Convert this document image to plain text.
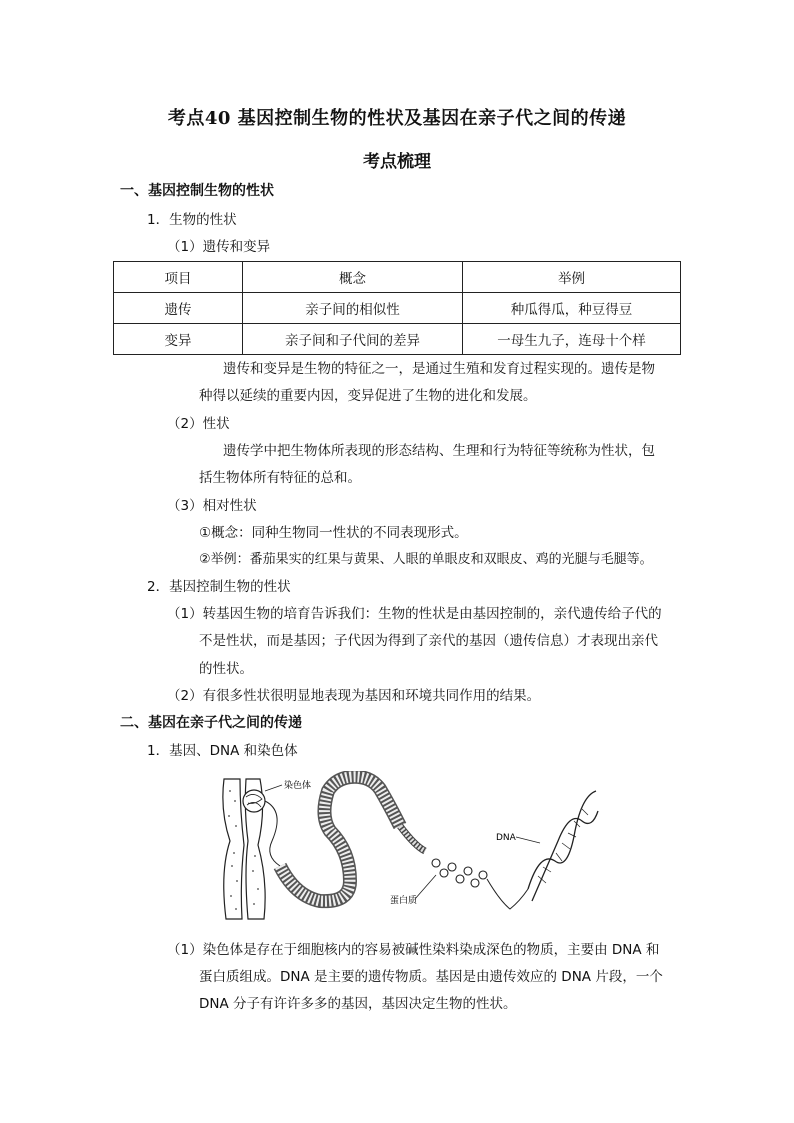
考点40 基因控制生物的性状及基因在亲子代之间的传递
考点梳理
一、基因控制生物的性状
1．生物的性状
（1）遗传和变异
项目	概念	举例
遗传	亲子间的相似性	种瓜得瓜，种豆得豆
变异	亲子间和子代间的差异	一母生九子，连母十个样
遗传和变异是生物的特征之一，是通过生殖和发育过程实现的。遗传是物
种得以延续的重要内因，变异促进了生物的进化和发展。
（2）性状
遗传学中把生物体所表现的形态结构、生理和行为特征等统称为性状，包
括生物体所有特征的总和。
（3）相对性状
①概念：同种生物同一性状的不同表现形式。
②举例：番茄果实的红果与黄果、人眼的单眼皮和双眼皮、鸡的光腿与毛腿等。
2．基因控制生物的性状
（1）转基因生物的培育告诉我们：生物的性状是由基因控制的，亲代遗传给子代的
不是性状，而是基因；子代因为得到了亲代的基因（遗传信息）才表现出亲代
的性状。
（2）有很多性状很明显地表现为基因和环境共同作用的结果。
二、基因在亲子代之间的传递
1．基因、DNA 和染色体
染色体
DNA
蛋白质
（1）染色体是存在于细胞核内的容易被碱性染料染成深色的物质，主要由 DNA 和
蛋白质组成。DNA 是主要的遗传物质。基因是由遗传效应的 DNA 片段，一个
DNA 分子有许许多多的基因，基因决定生物的性状。
